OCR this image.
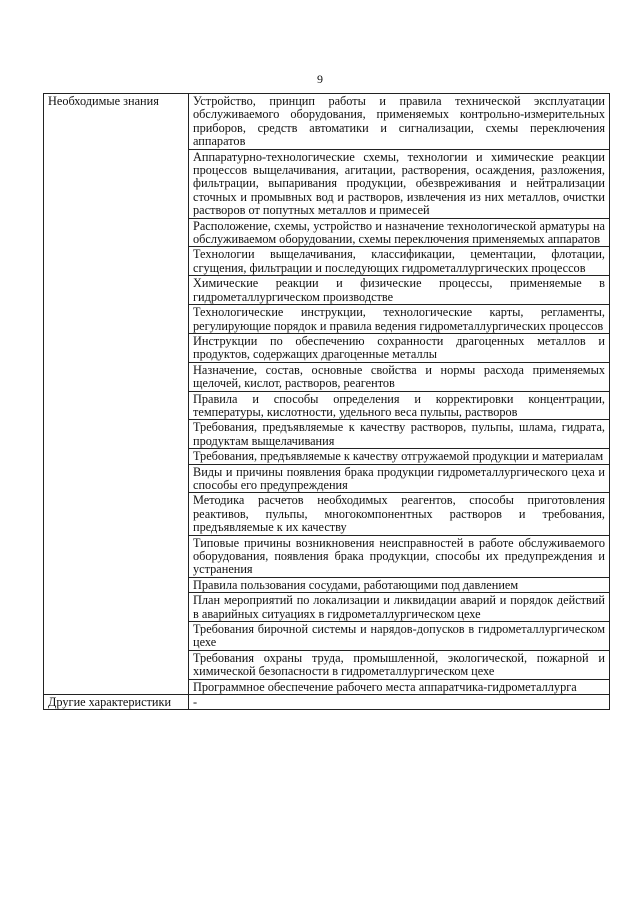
9
Необходимые знания	Устройство, принцип работы и правила технической эксплуатации обслуживаемого оборудования, применяемых контрольно-измерительных приборов, средств автоматики и сигнализации, схемы переключения аппаратов
	Аппаратурно-технологические схемы, технологии и химические реакции процессов выщелачивания, агитации, растворения, осаждения, разложения, фильтрации, выпаривания продукции, обезвреживания и нейтрализации сточных и промывных вод и растворов, извлечения из них металлов, очистки растворов от попутных металлов и примесей
	Расположение, схемы, устройство и назначение технологической арматуры на обслуживаемом оборудовании, схемы переключения применяемых аппаратов
	Технологии выщелачивания, классификации, цементации, флотации, сгущения, фильтрации и последующих гидрометаллургических процессов
	Химические реакции и физические процессы, применяемые в гидрометаллургическом производстве
	Технологические инструкции, технологические карты, регламенты, регулирующие порядок и правила ведения гидрометаллургических процессов
	Инструкции по обеспечению сохранности драгоценных металлов и продуктов, содержащих драгоценные металлы
	Назначение, состав, основные свойства и нормы расхода применяемых щелочей, кислот, растворов, реагентов
	Правила и способы определения и корректировки концентрации, температуры, кислотности, удельного веса пульпы, растворов
	Требования, предъявляемые к качеству растворов, пульпы, шлама, гидрата, продуктам выщелачивания
	Требования, предъявляемые к качеству отгружаемой продукции и материалам
	Виды и причины появления брака продукции гидрометаллургического цеха и способы его предупреждения
	Методика расчетов необходимых реагентов, способы приготовления реактивов, пульпы, многокомпонентных растворов и требования, предъявляемые к их качеству
	Типовые причины возникновения неисправностей в работе обслуживаемого оборудования, появления брака продукции, способы их предупреждения и устранения
	Правила пользования сосудами, работающими под давлением
	План мероприятий по локализации и ликвидации аварий и порядок действий в аварийных ситуациях в гидрометаллургическом цехе
	Требования бирочной системы и нарядов-допусков в гидрометаллургическом цехе
	Требования охраны труда, промышленной, экологической, пожарной и химической безопасности в гидрометаллургическом цехе
	Программное обеспечение рабочего места аппаратчика-гидрометаллурга
Другие характеристики	-
